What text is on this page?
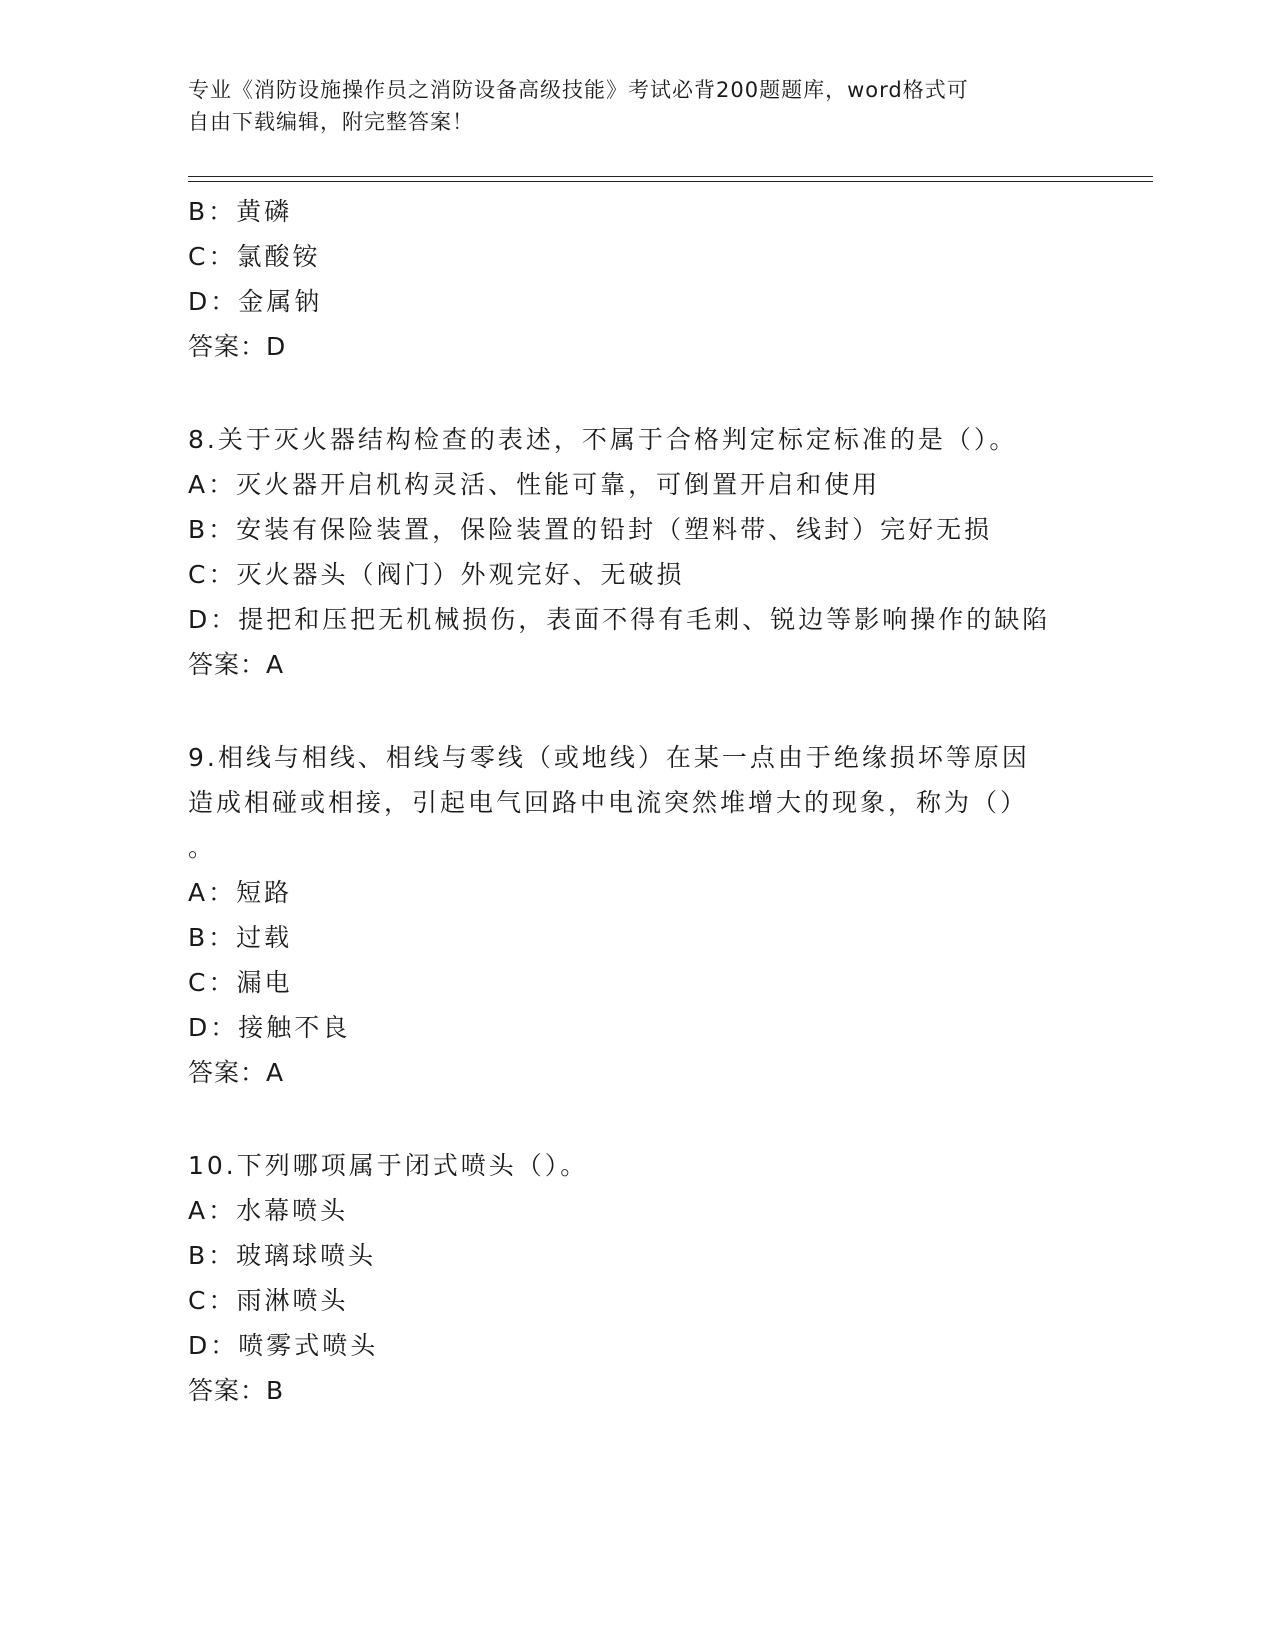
专业《消防设施操作员之消防设备高级技能》考试必背200题题库，word格式可
自由下载编辑，附完整答案！
B：黄磷
C：氯酸铵
D：金属钠
答案：D
8.关于灭火器结构检查的表述，不属于合格判定标定标准的是（）。
A：灭火器开启机构灵活、性能可靠，可倒置开启和使用
B：安装有保险装置，保险装置的铅封（塑料带、线封）完好无损
C：灭火器头（阀门）外观完好、无破损
D：提把和压把无机械损伤，表面不得有毛刺、锐边等影响操作的缺陷
答案：A
9.相线与相线、相线与零线（或地线）在某一点由于绝缘损坏等原因
造成相碰或相接，引起电气回路中电流突然堆增大的现象，称为（）
。
A：短路
B：过载
C：漏电
D：接触不良
答案：A
10.下列哪项属于闭式喷头（）。
A：水幕喷头
B：玻璃球喷头
C：雨淋喷头
D：喷雾式喷头
答案：B
